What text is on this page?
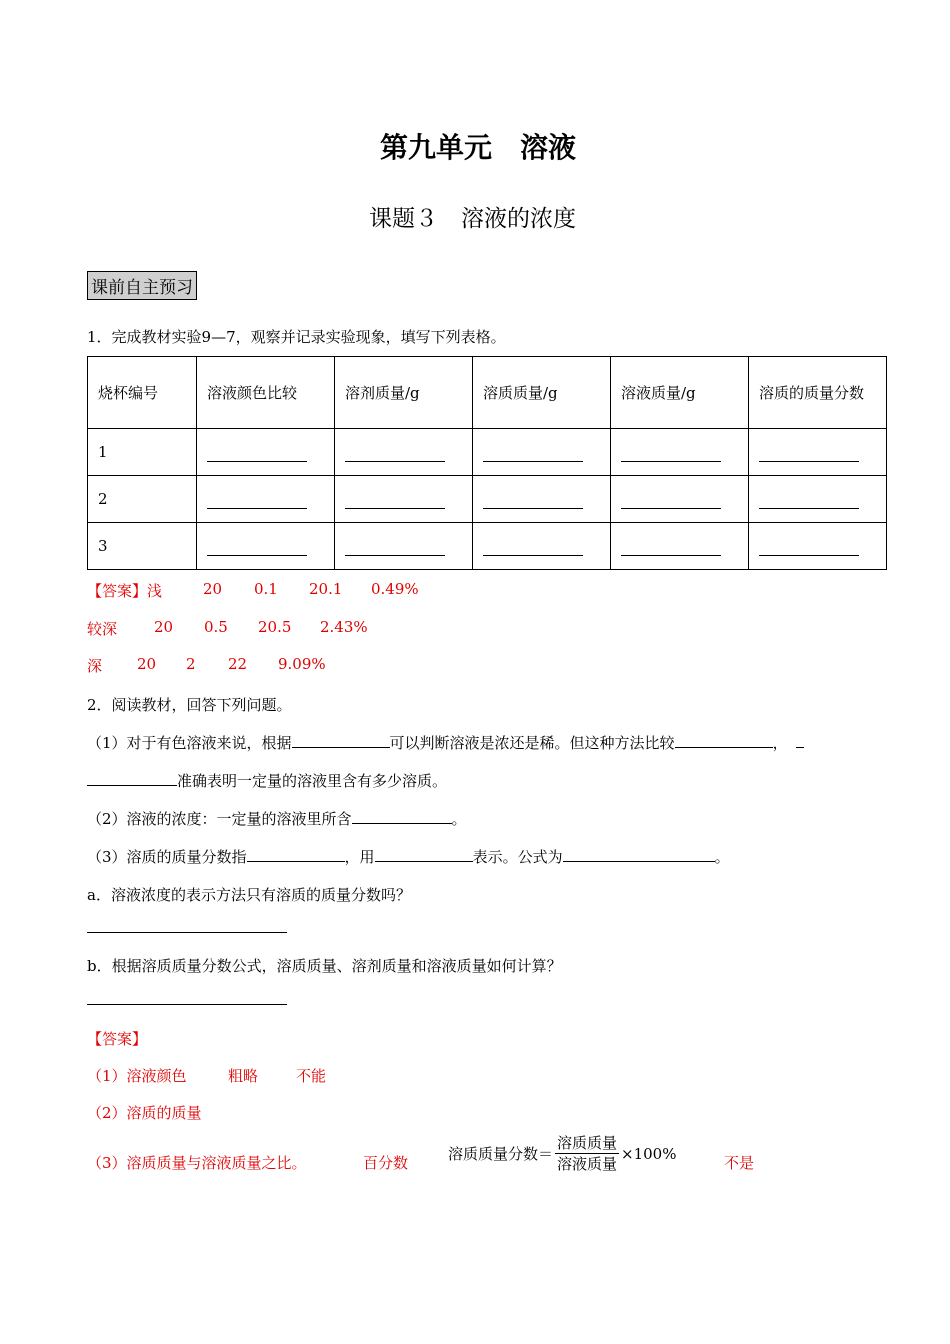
第九单元　溶液
课题３　溶液的浓度
课前自主预习
1．完成教材实验9—7，观察并记录实验现象，填写下列表格。
烧杯编号	溶液颜色比较	溶剂质量/g	溶质质量/g	溶液质量/g	溶质的质量分数
1	

2	

3	

【答案】浅	20 0.1 20.1 0.49%
较深 20 0.5 20.5 2.43%
深 20 2 22 9.09%
2．阅读教材，回答下列问题。
（1）对于有色溶液来说，根据	可以判断溶液是浓还是稀。但这种方法比较	，
准确表明一定量的溶液里含有多少溶质。
（2）溶液的浓度：一定量的溶液里所含	。
（3）溶质的质量分数指	，用	表示。公式为	。
a．溶液浓度的表示方法只有溶质的质量分数吗？
b．根据溶质质量分数公式，溶质质量、溶剂质量和溶液质量如何计算？
【答案】
（1）溶液颜色	粗略	不能
（2）溶质的质量
（3）溶质质量与溶液质量之比。	百分数	溶质质量分数＝ $\frac{\text{溶质质量}}{\text{溶液质量}} \times 100\%$
不是
